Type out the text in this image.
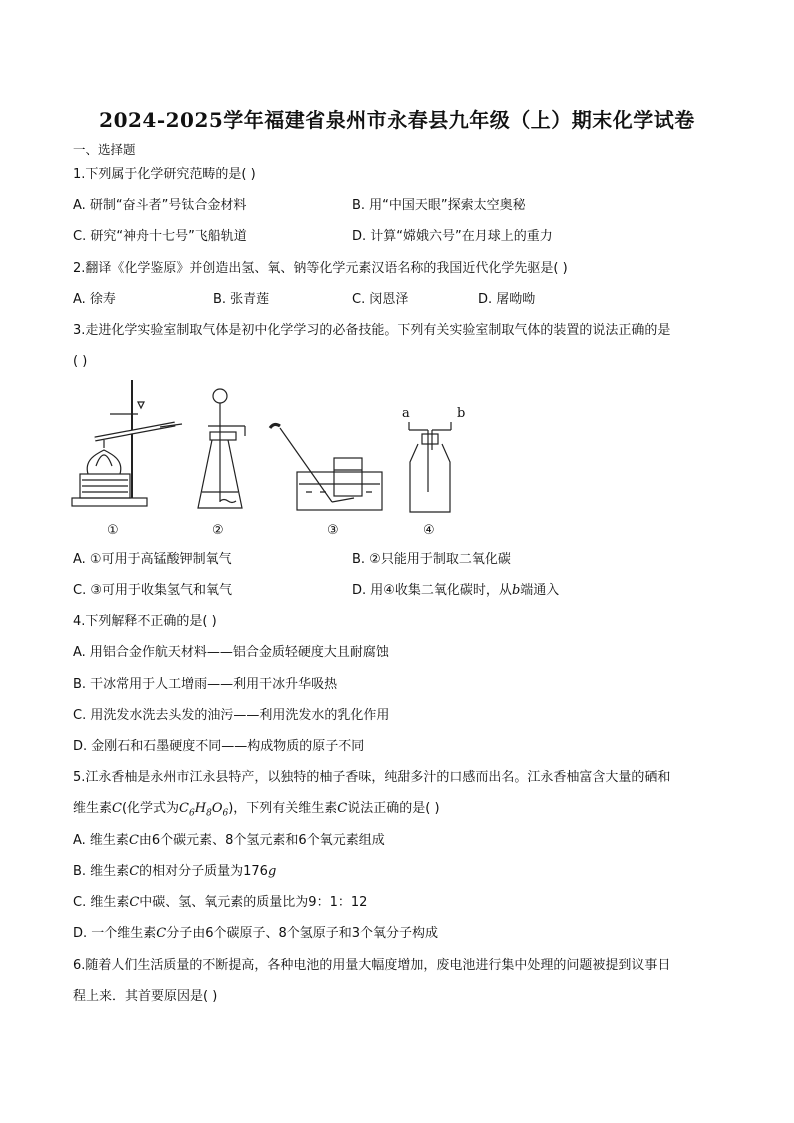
2024-2025学年福建省泉州市永春县九年级（上）期末化学试卷
一、选择题
1.下列属于化学研究范畴的是( )
A. 研制“奋斗者”号钛合金材料	B. 用“中国天眼”探索太空奥秘
C. 研究“神舟十七号”飞船轨道	D. 计算“嫦娥六号”在月球上的重力
2.翻译《化学鉴原》并创造出氢、氧、钠等化学元素汉语名称的我国近代化学先驱是( )
A. 徐寿	B. 张青莲	C. 闵恩泽	D. 屠呦呦
3.走进化学实验室制取气体是初中化学学习的必备技能。下列有关实验室制取气体的装置的说法正确的是
( )
a	b
①	②	③	④
A. ①可用于高锰酸钾制氧气	B. ②只能用于制取二氧化碳
C. ③可用于收集氢气和氧气	D. 用④收集二氧化碳时，从b端通入
4.下列解释不正确的是( )
A. 用铝合金作航天材料——铝合金质轻硬度大且耐腐蚀
B. 干冰常用于人工增雨——利用干冰升华吸热
C. 用洗发水洗去头发的油污——利用洗发水的乳化作用
D. 金刚石和石墨硬度不同——构成物质的原子不同
5.江永香柚是永州市江永县特产，以独特的柚子香味，纯甜多汁的口感而出名。江永香柚富含大量的硒和
维生素C(化学式为$C_6H_8O_6$)，下列有关维生素C说法正确的是( )
A. 维生素C由6个碳元素、8个氢元素和6个氧元素组成
B. 维生素C的相对分子质量为176g
C. 维生素C中碳、氢、氧元素的质量比为9：1：12
D. 一个维生素C分子由6个碳原子、8个氢原子和3个氧分子构成
6.随着人们生活质量的不断提高，各种电池的用量大幅度增加，废电池进行集中处理的问题被提到议事日
程上来．其首要原因是( )
